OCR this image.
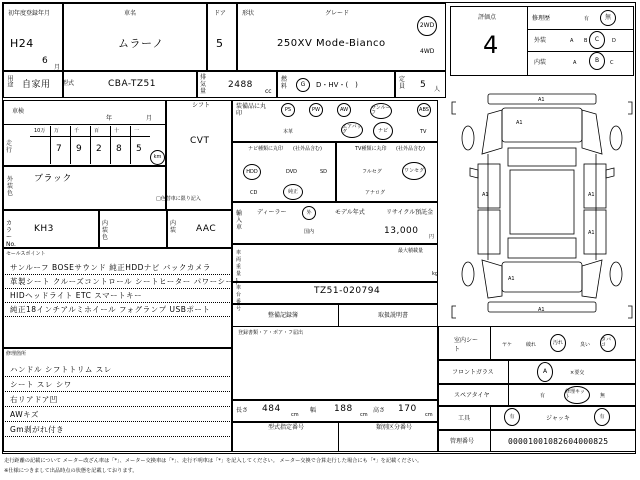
初年度登録年月
H24
6
月
車名
ムラーノ
ドア
5
形状	グレード
250XV Mode-Bianco
2WD
4WD
用途 自家用 型式	CBA-TZ51
排気量
2488
cc
燃料	G D・HV・(　)
定員 5 人
車検
年	月
走行
10万 万	千	百	十	一
7 9 2 8 5
km
シフト
CVT
外装色
ブラック
□色替車に限り記入
カラーNo.
KH3
内装色
内装 AAC
セールスポイント
サンルーフ BOSEサウンド 純正HDDナビ バックカメラ
革製シート クルーズコントロール シートヒーター パワーシート
HIDヘッドライト ETC スマートキー
純正18インチアルミホイール フォグランプ USBポート
修理箇所
ハンドル シフトトリム スレ
シート スレ シワ
右リアドア凹
AWキズ
Gm剥がれ付き
装備品に丸印
PS	PW	AW	サンルーフ
ABS
本革
エアバッグ	ナビ	TV
ナビ種類に丸印 (社外品含む)
HDD	DVD	SD
CD	純正
TV種類に丸印 (社外品含む)
フルセグ	ワンセグ
アナログ
輸入車
ディーラー	外
国内
モデル年式	リサイクル預託金
13,000
円
車両重量
最大積載量
kg
車台番号
TZ51-020794
整備記録簿	取扱説明書
登録書類・ア・ボア・フ届出
長さ 484
cm
幅 188
cm
高さ 170
cm
型式指定番号	類別区分番号
評価点
4
修理歴	有	無
外装	A B C	D
内装	A	B C
A1
A1
A1
A1	A1
A1
A1
室内シート
ヤケ	破れ	汚れ	臭い
タバコ
フロントガラス	A	×要交
スペアタイヤ	有
修理キット	無
工具	有	ジャッキ	有
管理番号	00001001082604000825
走行距離の記載について メーター改ざん車は「*」、メーター交換車は「*」、走行不明車は「*」を記入してください。 メーター交換で合算走行した場合にも「*」を記載ください。
※仕様につきまして出品時点の状態を記載しております。
